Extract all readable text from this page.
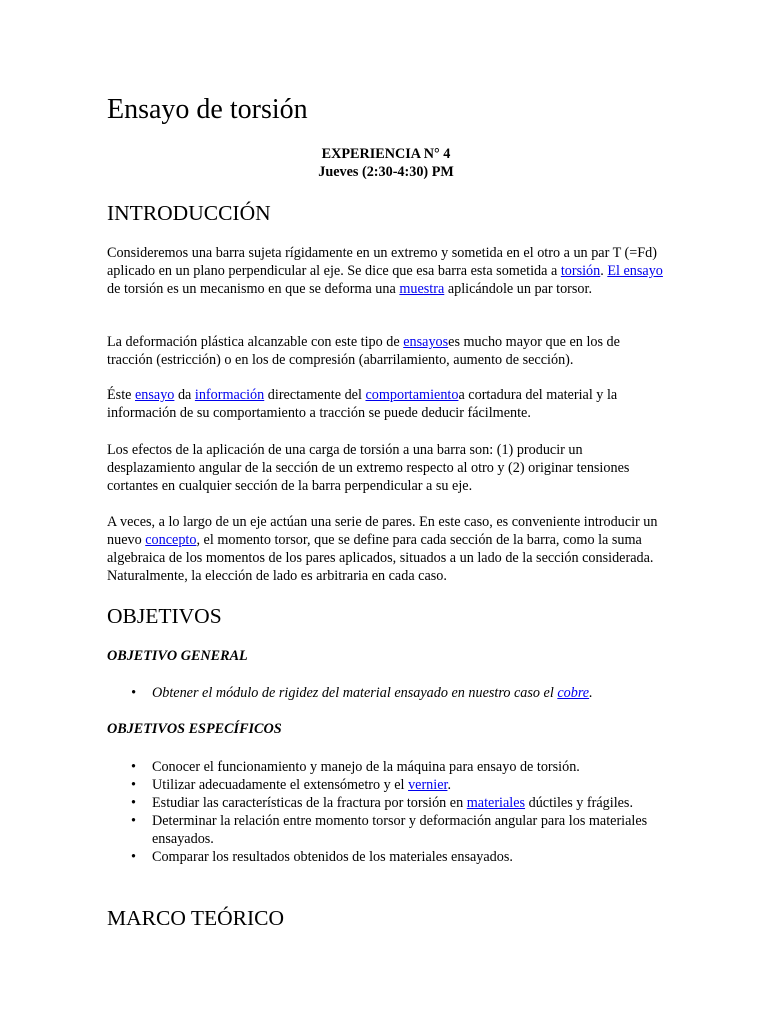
Ensayo de torsión
EXPERIENCIA N° 4
Jueves (2:30-4:30) PM
INTRODUCCIÓN

Consideremos una barra sujeta rígidamente en un extremo y sometida en el otro a un par T (=Fd) aplicado en un plano perpendicular al eje. Se dice que esa barra esta sometida a torsión. El ensayo de torsión es un mecanismo en que se deforma una muestra aplicándole un par torsor.

La deformación plástica alcanzable con este tipo de ensayoses mucho mayor que en los de tracción (estricción) o en los de compresión (abarrilamiento, aumento de sección).

Éste ensayo da información directamente del comportamientoa cortadura del material y la información de su comportamiento a tracción se puede deducir fácilmente.

Los efectos de la aplicación de una carga de torsión a una barra son: (1) producir un desplazamiento angular de la sección de un extremo respecto al otro y (2) originar tensiones cortantes en cualquier sección de la barra perpendicular a su eje.

A veces, a lo largo de un eje actúan una serie de pares. En este caso, es conveniente introducir un nuevo concepto, el momento torsor, que se define para cada sección de la barra, como la suma algebraica de los momentos de los pares aplicados, situados a un lado de la sección considerada. Naturalmente, la elección de lado es arbitraria en cada caso.

OBJETIVOS
OBJETIVO GENERAL
• Obtener el módulo de rigidez del material ensayado en nuestro caso el cobre.
OBJETIVOS ESPECÍFICOS
• Conocer el funcionamiento y manejo de la máquina para ensayo de torsión.
• Utilizar adecuadamente el extensómetro y el vernier.
• Estudiar las características de la fractura por torsión en materiales dúctiles y frágiles.
• Determinar la relación entre momento torsor y deformación angular para los materiales ensayados.
• Comparar los resultados obtenidos de los materiales ensayados.
MARCO TEÓRICO
